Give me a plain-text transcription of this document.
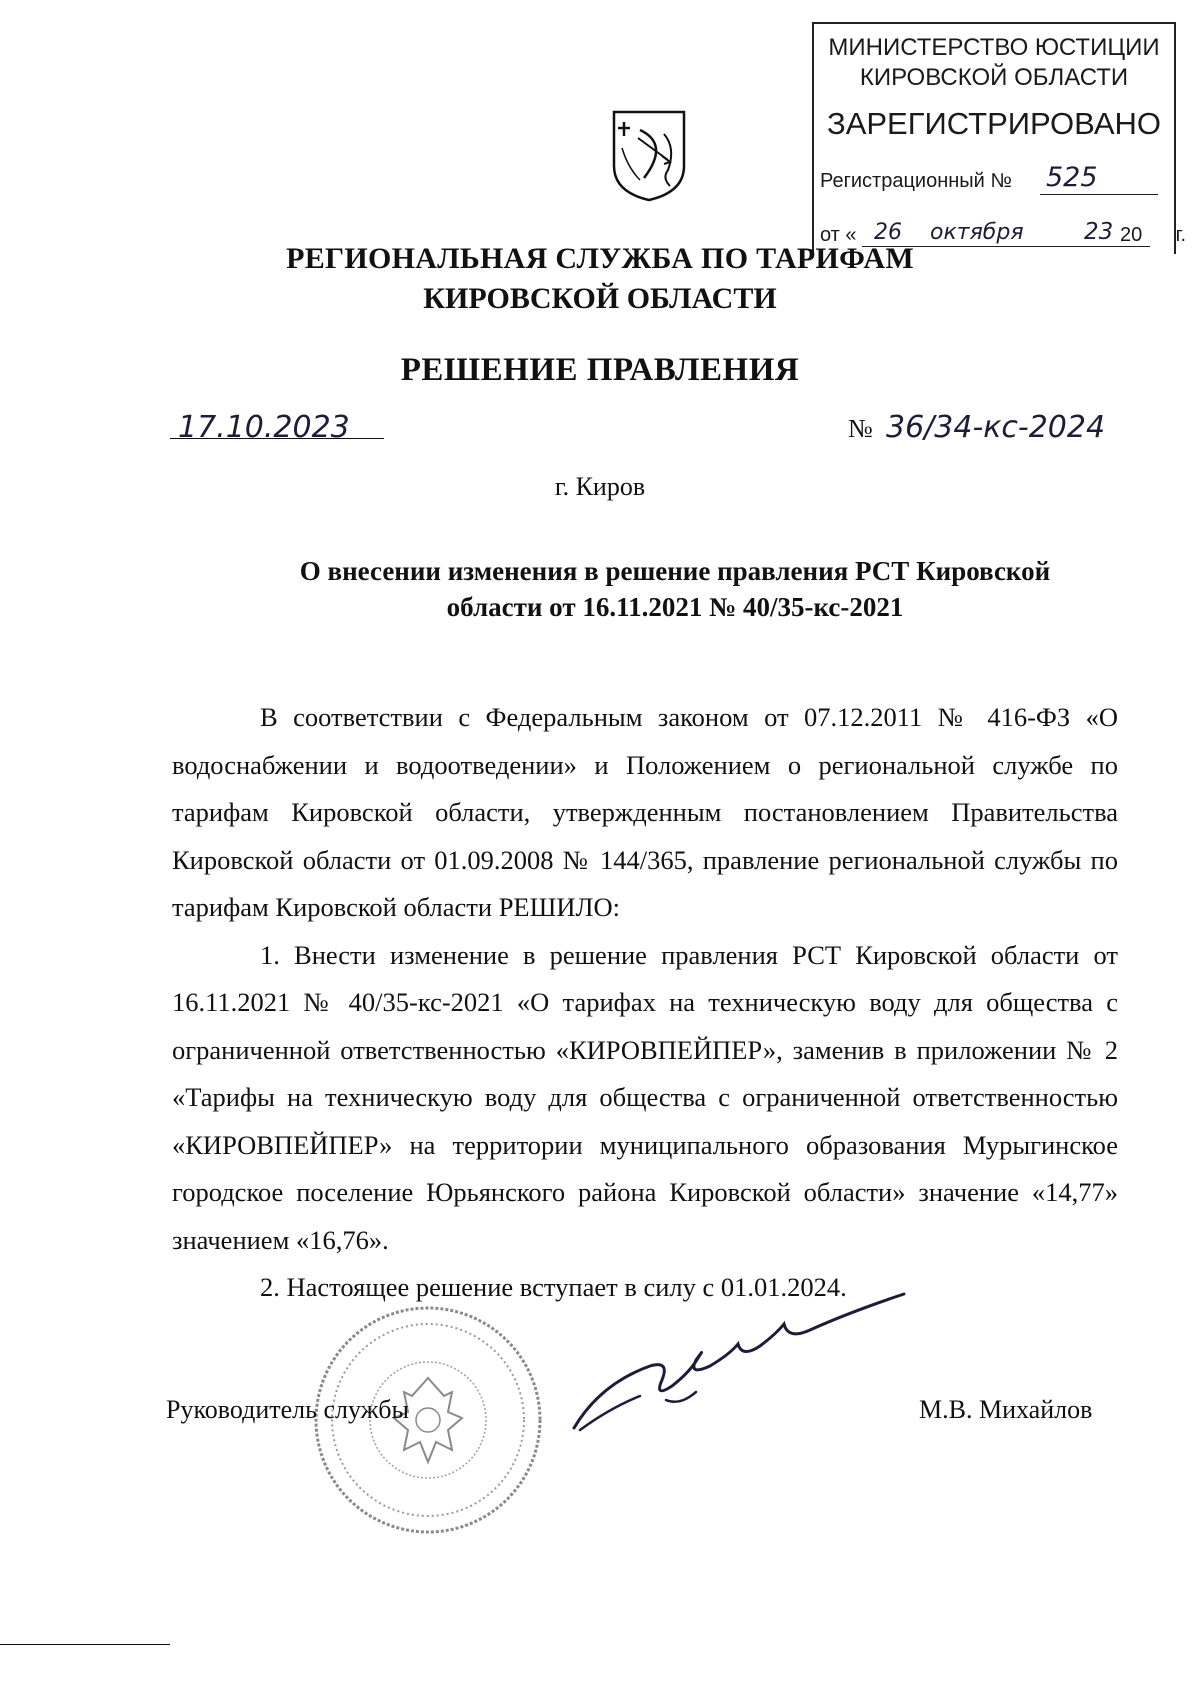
МИНИСТЕРСТВО ЮСТИЦИИ
КИРОВСКОЙ ОБЛАСТИ
ЗАРЕГИСТРИРОВАНО
Регистрационный № 525
от « 26 октября	20 г.
23
РЕГИОНАЛЬНАЯ СЛУЖБА ПО ТАРИФАМ
КИРОВСКОЙ ОБЛАСТИ
РЕШЕНИЕ ПРАВЛЕНИЯ
17.10.2023	№ 36/34-кс-2024
г. Киров
О внесении изменения в решение правления РСТ Кировской
области от 16.11.2021 № 40/35-кс-2021

В соответствии с Федеральным законом от 07.12.2011 № 416-ФЗ «О водоснабжении и водоотведении» и Положением о региональной службе по тарифам Кировской области, утвержденным постановлением Правительства Кировской области от 01.09.2008 № 144/365, правление региональной службы по тарифам Кировской области РЕШИЛО:

1. Внести изменение в решение правления РСТ Кировской области от 16.11.2021 № 40/35-кс-2021 «О тарифах на техническую воду для общества с ограниченной ответственностью «КИРОВПЕЙПЕР», заменив в приложении № 2 «Тарифы на техническую воду для общества с ограниченной ответственностью «КИРОВПЕЙПЕР» на территории муниципального образования Мурыгинское городское поселение Юрьянского района Кировской области» значение «14,77» значением «16,76».

2. Настоящее решение вступает в силу с 01.01.2024.

Руководитель службы	М.В. Михайлов
